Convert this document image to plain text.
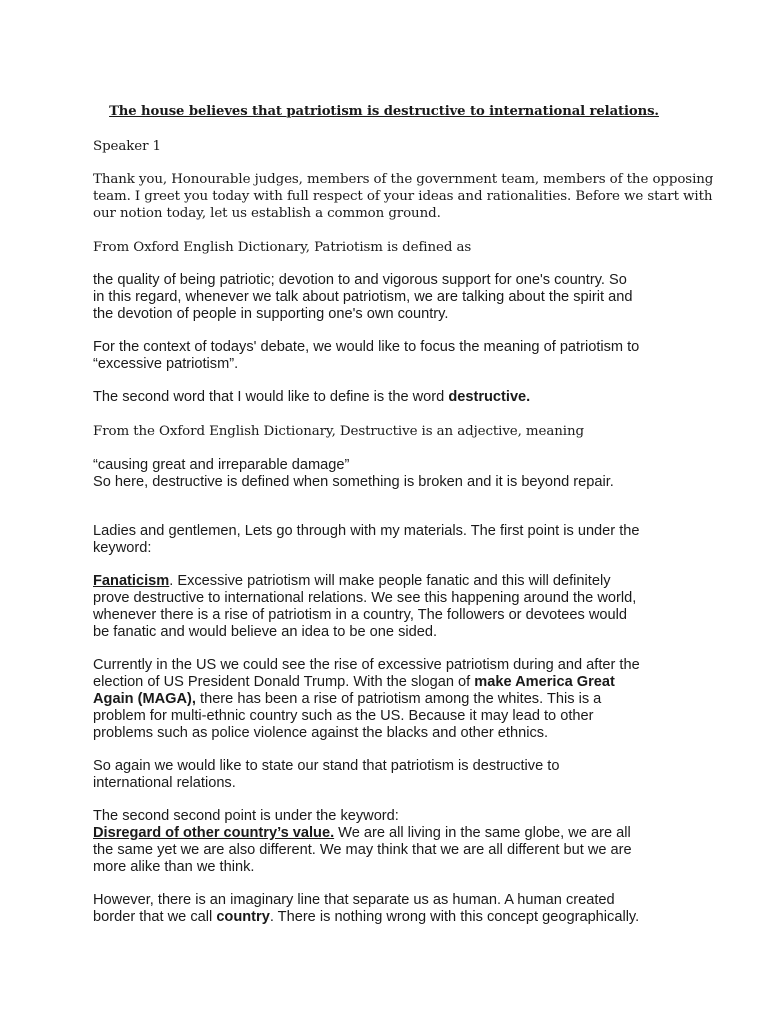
The house believes that patriotism is destructive to international relations.

Speaker 1

Thank you, Honourable judges, members of the government team, members of the opposing
team. I greet you today with full respect of your ideas and rationalities. Before we start with
our notion today, let us establish a common ground.

From Oxford English Dictionary, Patriotism is defined as

the quality of being patriotic; devotion to and vigorous support for one's country. So
in this regard, whenever we talk about patriotism, we are talking about the spirit and
the devotion of people in supporting one's own country.

For the context of todays' debate, we would like to focus the meaning of patriotism to
“excessive patriotism”.

The second word that I would like to define is the word destructive.

From the Oxford English Dictionary, Destructive is an adjective, meaning

“causing great and irreparable damage”
So here, destructive is defined when something is broken and it is beyond repair.

Ladies and gentlemen, Lets go through with my materials. The first point is under the
keyword:

Fanaticism. Excessive patriotism will make people fanatic and this will definitely
prove destructive to international relations. We see this happening around the world,
whenever there is a rise of patriotism in a country, The followers or devotees would
be fanatic and would believe an idea to be one sided.

Currently in the US we could see the rise of excessive patriotism during and after the
election of US President Donald Trump. With the slogan of make America Great
Again (MAGA), there has been a rise of patriotism among the whites. This is a
problem for multi-ethnic country such as the US. Because it may lead to other
problems such as police violence against the blacks and other ethnics.

So again we would like to state our stand that patriotism is destructive to
international relations.

The second second point is under the keyword:
Disregard of other country’s value. We are all living in the same globe, we are all
the same yet we are also different. We may think that we are all different but we are
more alike than we think.

However, there is an imaginary line that separate us as human. A human created
border that we call country. There is nothing wrong with this concept geographically.
